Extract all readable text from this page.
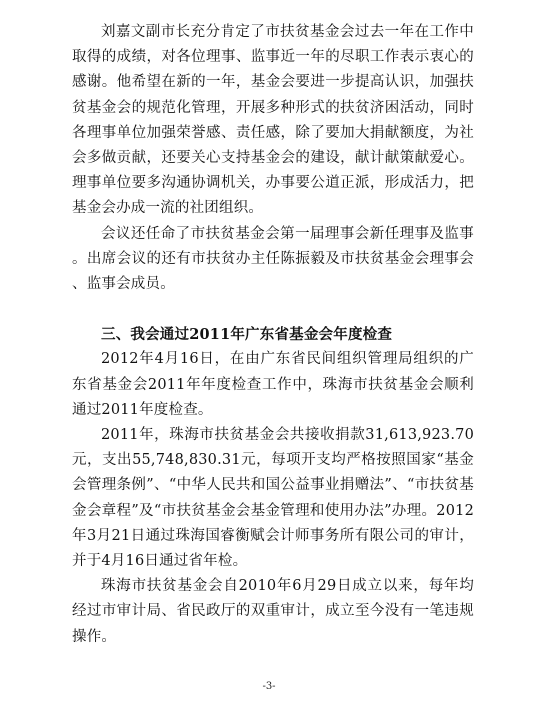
刘嘉文副市长充分肯定了市扶贫基金会过去一年在工作中取得的成绩，对各位理事、监事近一年的尽职工作表示衷心的感谢。他希望在新的一年，基金会要进一步提高认识，加强扶贫基金会的规范化管理，开展多种形式的扶贫济困活动，同时各理事单位加强荣誉感、责任感，除了要加大捐献额度，为社会多做贡献，还要关心支持基金会的建设，献计献策献爱心。理事单位要多沟通协调机关，办事要公道正派，形成活力，把基金会办成一流的社团组织。

会议还任命了市扶贫基金会第一届理事会新任理事及监事。出席会议的还有市扶贫办主任陈振毅及市扶贫基金会理事会、监事会成员。

三、我会通过2011年广东省基金会年度检查

2012年4月16日，在由广东省民间组织管理局组织的广东省基金会2011年年度检查工作中，珠海市扶贫基金会顺利通过2011年度检查。

2011年，珠海市扶贫基金会共接收捐款31,613,923.70元，支出55,748,830.31元，每项开支均严格按照国家“基金会管理条例”、“中华人民共和国公益事业捐赠法”、“市扶贫基金会章程”及“市扶贫基金会基金管理和使用办法”办理。2012年3月21日通过珠海国睿衡赋会计师事务所有限公司的审计，并于4月16日通过省年检。

珠海市扶贫基金会自2010年6月29日成立以来，每年均经过市审计局、省民政厅的双重审计，成立至今没有一笔违规操作。

-3-
